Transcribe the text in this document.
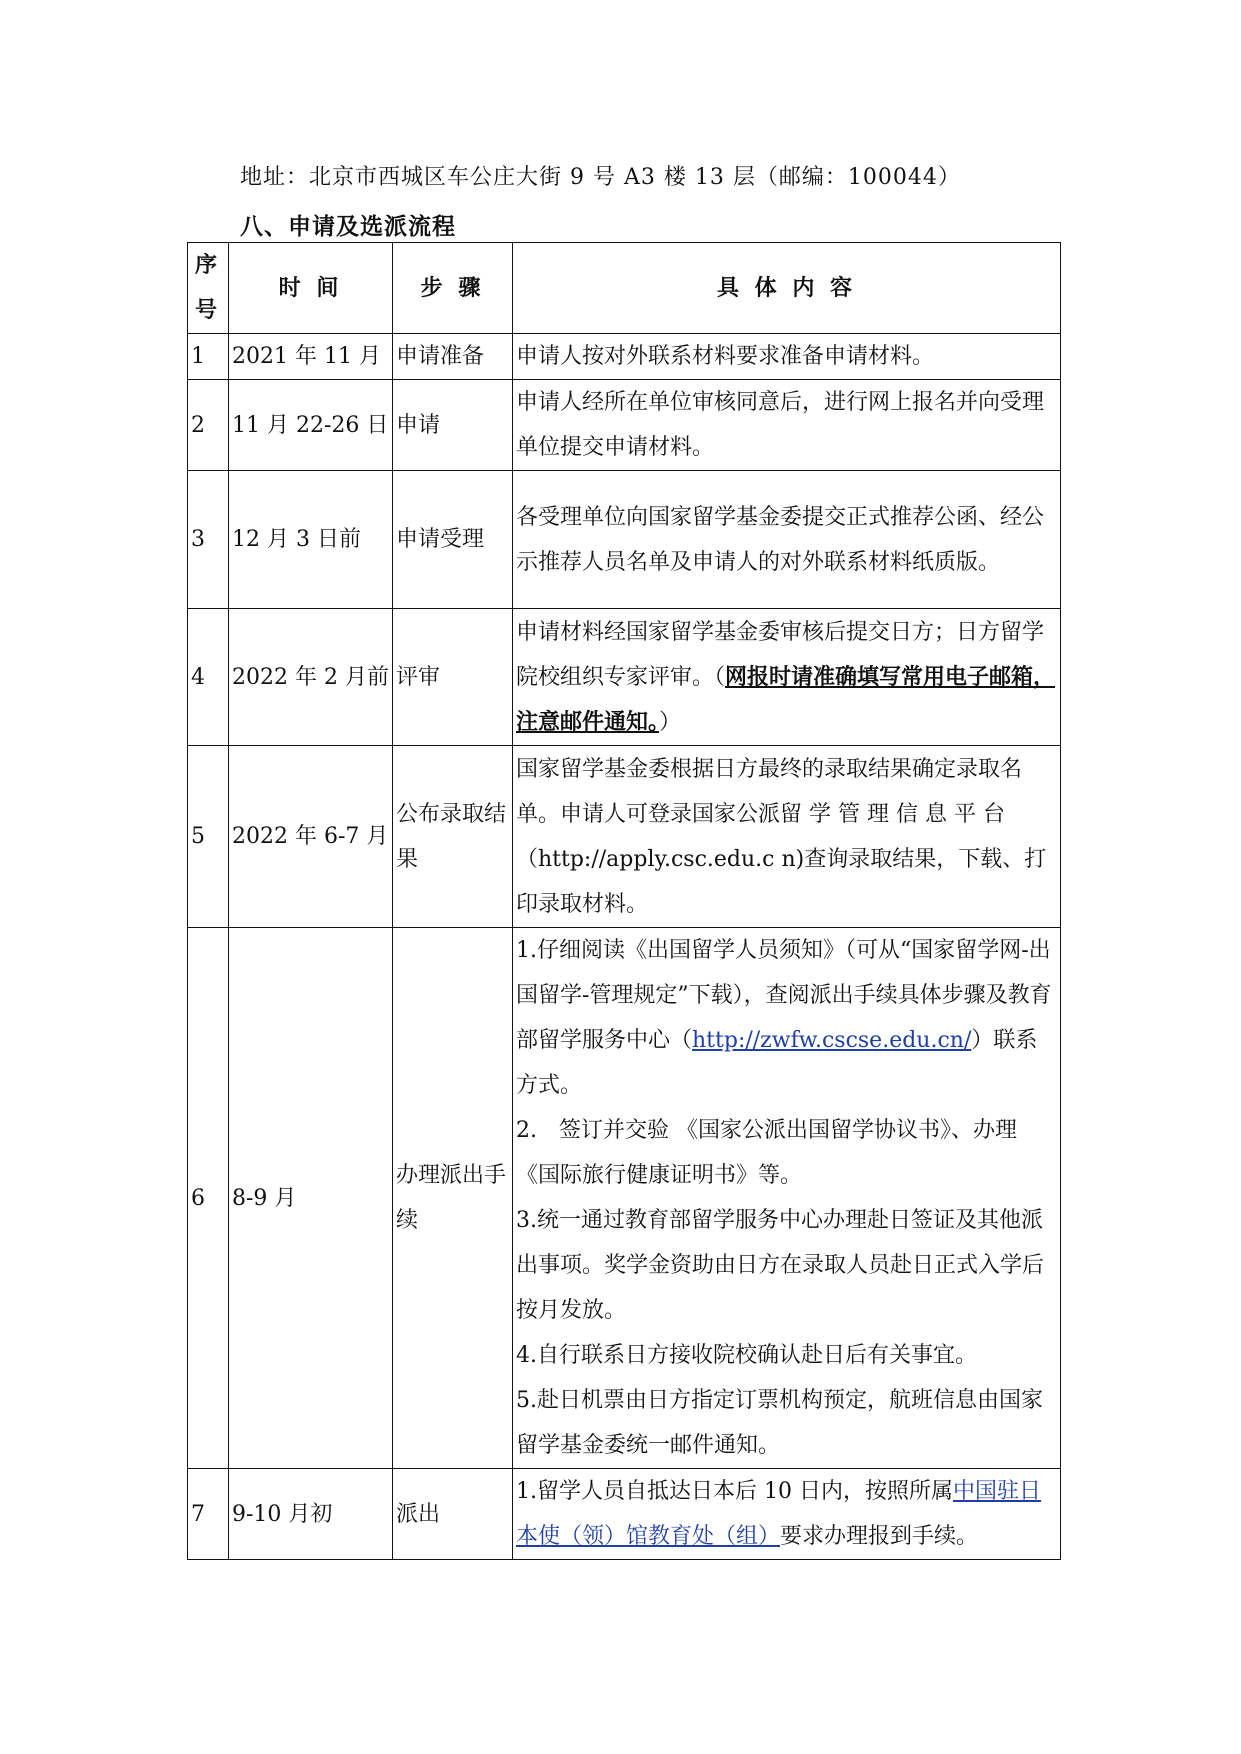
地址：北京市西城区车公庄大街 9 号 A3 楼 13 层（邮编：100044）
八、申请及选派流程
序
号	时 间	步 骤	具 体 内 容
1	2021 年 11 月	申请准备	申请人按对外联系材料要求准备申请材料。
2	11 月 22-26 日	申请	申请人经所在单位审核同意后，进行网上报名并向受理单位提交申请材料。
3	12 月 3 日前	申请受理	各受理单位向国家留学基金委提交正式推荐公函、经公示推荐人员名单及申请人的对外联系材料纸质版。
4	2022 年 2 月前	评审	申请材料经国家留学基金委审核后提交日方；日方留学院校组织专家评审。（网报时请准确填写常用电子邮箱，注意邮件通知。）
5	2022 年 6-7 月	公布录取结果	国家留学基金委根据日方最终的录取结果确定录取名单。申请人可登录国家公派留 学 管 理 信 息 平 台 （http://apply.csc.edu.c n)查询录取结果，下载、打 印录取材料。
6	8-9 月	办理派出手续	1.仔细阅读《出国留学人员须知》（可从“国家留学网-出国留学-管理规定”下载），查阅派出手续具体步骤及教育部留学服务中心（http://zwfw.cscse.edu.cn/）联系方式。
2.　签订并交验 《国家公派出国留学协议书》、办理《国际旅行健康证明书》等。
3.统一通过教育部留学服务中心办理赴日签证及其他派出事项。奖学金资助由日方在录取人员赴日正式入学后按月发放。
4.自行联系日方接收院校确认赴日后有关事宜。
5.赴日机票由日方指定订票机构预定，航班信息由国家留学基金委统一邮件通知。

7	9-10 月初	派出	1.留学人员自抵达日本后 10 日内，按照所属中国驻日本使（领）馆教育处（组）要求办理报到手续。
